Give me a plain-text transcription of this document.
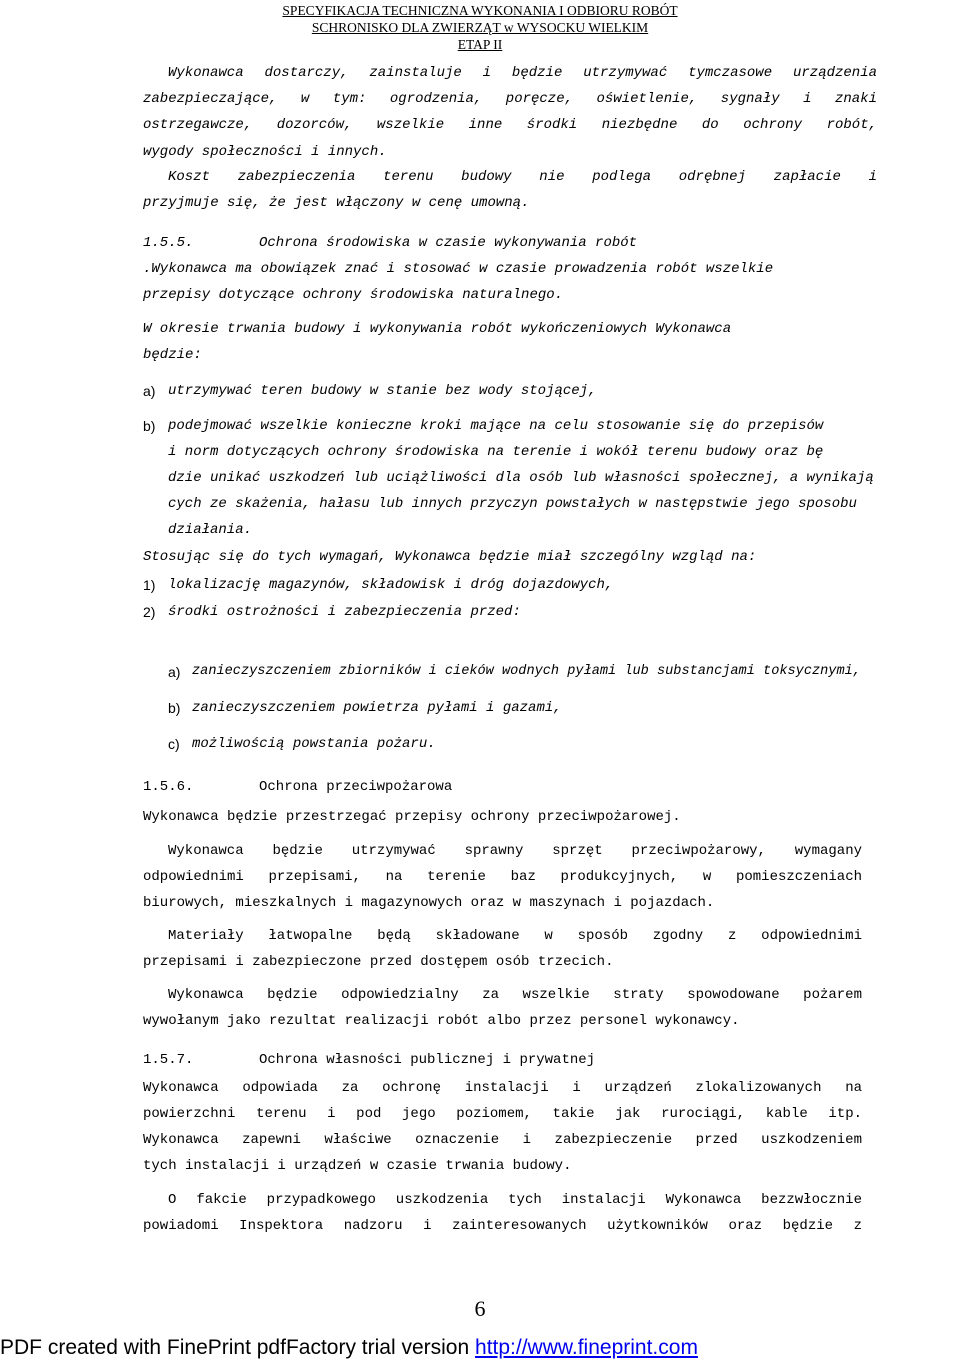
SPECYFIKACJA TECHNICZNA WYKONANIA I ODBIORU ROBÓT
SCHRONISKO DLA ZWIERZĄT w WYSOCKU WIELKIM
ETAP II
Wykonawca dostarczy, zainstaluje i będzie utrzymywać tymczasowe urządzenia
zabezpieczające, w tym: ogrodzenia, poręcze, oświetlenie, sygnały i znaki
ostrzegawcze, dozorców, wszelkie inne środki niezbędne do ochrony robót,
wygody społeczności i innych.
Koszt zabezpieczenia terenu budowy nie podlega odrębnej zapłacie i
przyjmuje się, że jest włączony w cenę umowną.
1.5.5.	Ochrona środowiska w czasie wykonywania robót
.Wykonawca ma obowiązek znać i stosować w czasie prowadzenia robót wszelkie
przepisy dotyczące ochrony środowiska naturalnego.
W okresie trwania budowy i wykonywania robót wykończeniowych Wykonawca
będzie:
a) utrzymywać teren budowy w stanie bez wody stojącej,
b) podejmować wszelkie konieczne kroki mające na celu stosowanie się do przepisów
i norm dotyczących ochrony środowiska na terenie i wokół terenu budowy oraz bę
dzie unikać uszkodzeń lub uciążliwości dla osób lub własności społecznej, a wynikają
cych ze skażenia, hałasu lub innych przyczyn powstałych w następstwie jego sposobu
działania.
Stosując się do tych wymagań, Wykonawca będzie miał szczególny wzgląd na:
1) lokalizację magazynów, składowisk i dróg dojazdowych,
2) środki ostrożności i zabezpieczenia przed:
a) zanieczyszczeniem zbiorników i cieków wodnych pyłami lub substancjami toksycznymi,
b) zanieczyszczeniem powietrza pyłami i gazami,
c) możliwością powstania pożaru.
1.5.6.	Ochrona przeciwpożarowa
Wykonawca będzie przestrzegać przepisy ochrony przeciwpożarowej.
Wykonawca będzie utrzymywać sprawny sprzęt przeciwpożarowy, wymagany
odpowiednimi przepisami, na terenie baz produkcyjnych, w pomieszczeniach
biurowych, mieszkalnych i magazynowych oraz w maszynach i pojazdach.
Materiały łatwopalne będą składowane w sposób zgodny z odpowiednimi
przepisami i zabezpieczone przed dostępem osób trzecich.
Wykonawca będzie odpowiedzialny za wszelkie straty spowodowane pożarem
wywołanym jako rezultat realizacji robót albo przez personel wykonawcy.
1.5.7.	Ochrona własności publicznej i prywatnej
Wykonawca odpowiada za ochronę instalacji i urządzeń zlokalizowanych na
powierzchni terenu i pod jego poziomem, takie jak rurociągi, kable itp.
Wykonawca zapewni właściwe oznaczenie i zabezpieczenie przed uszkodzeniem
tych instalacji i urządzeń w czasie trwania budowy.
O fakcie przypadkowego uszkodzenia tych instalacji Wykonawca bezzwłocznie
powiadomi Inspektora nadzoru i zainteresowanych użytkowników oraz będzie z
6
PDF created with FinePrint pdfFactory trial version http://www.fineprint.com
